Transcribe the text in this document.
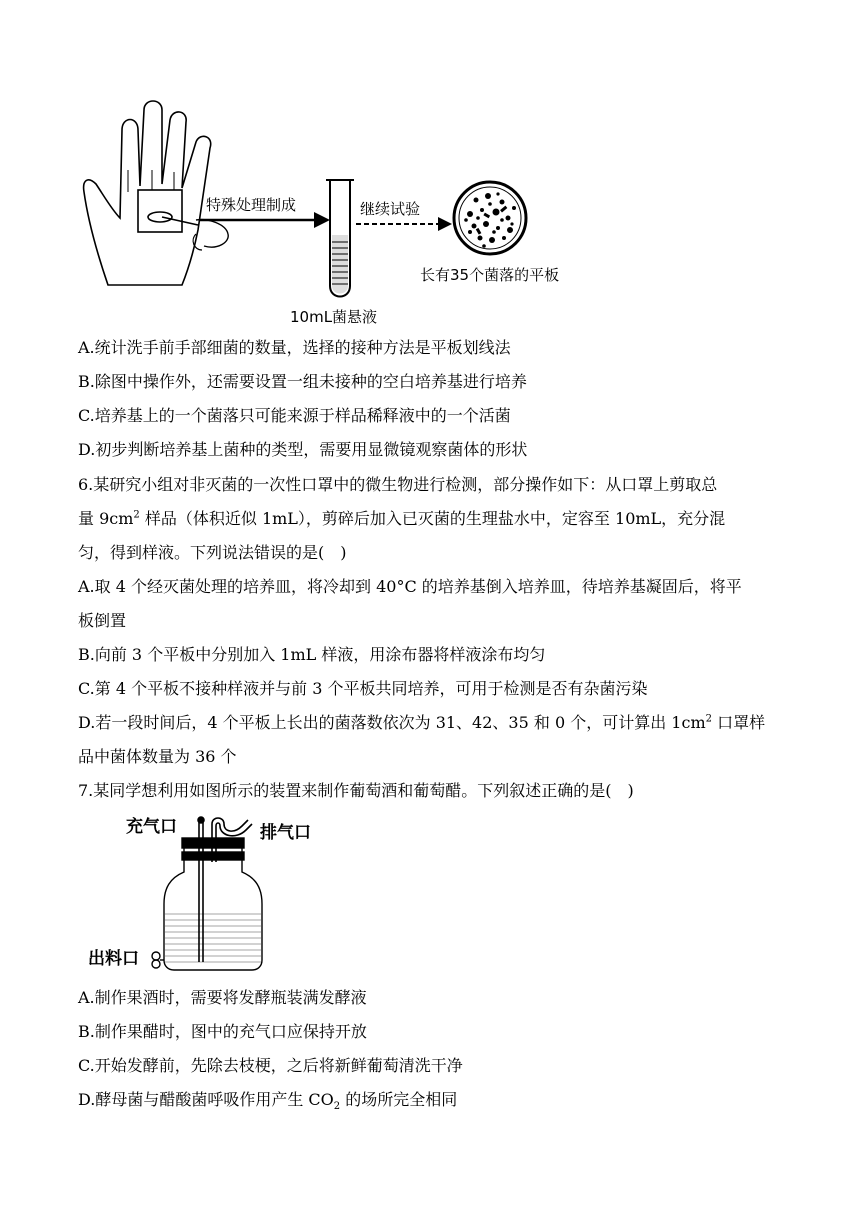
特殊处理制成
10mL菌悬液
继续试验
长有35个菌落的平板
A.统计洗手前手部细菌的数量，选择的接种方法是平板划线法
B.除图中操作外，还需要设置一组未接种的空白培养基进行培养
C.培养基上的一个菌落只可能来源于样品稀释液中的一个活菌
D.初步判断培养基上菌种的类型，需要用显微镜观察菌体的形状
6.某研究小组对非灭菌的一次性口罩中的微生物进行检测，部分操作如下：从口罩上剪取总
量 $9cm^2$ 样品（体积近似 1mL），剪碎后加入已灭菌的生理盐水中，定容至 10mL，充分混
匀，得到样液。下列说法错误的是(　)
A.取 4 个经灭菌处理的培养皿，将冷却到 40°C 的培养基倒入培养皿，待培养基凝固后，将平
板倒置
B.向前 3 个平板中分别加入 1mL 样液，用涂布器将样液涂布均匀
C.第 4 个平板不接种样液并与前 3 个平板共同培养，可用于检测是否有杂菌污染
D.若一段时间后，4 个平板上长出的菌落数依次为 31、42、35 和 0 个，可计算出 $1cm^2$ 口罩样
品中菌体数量为 36 个
7.某同学想利用如图所示的装置来制作葡萄酒和葡萄醋。下列叙述正确的是(　)
充气口	排气口
出料口
A.制作果酒时，需要将发酵瓶装满发酵液
B.制作果醋时，图中的充气口应保持开放
C.开始发酵前，先除去枝梗，之后将新鲜葡萄清洗干净
D.酵母菌与醋酸菌呼吸作用产生 $CO_2$ 的场所完全相同
